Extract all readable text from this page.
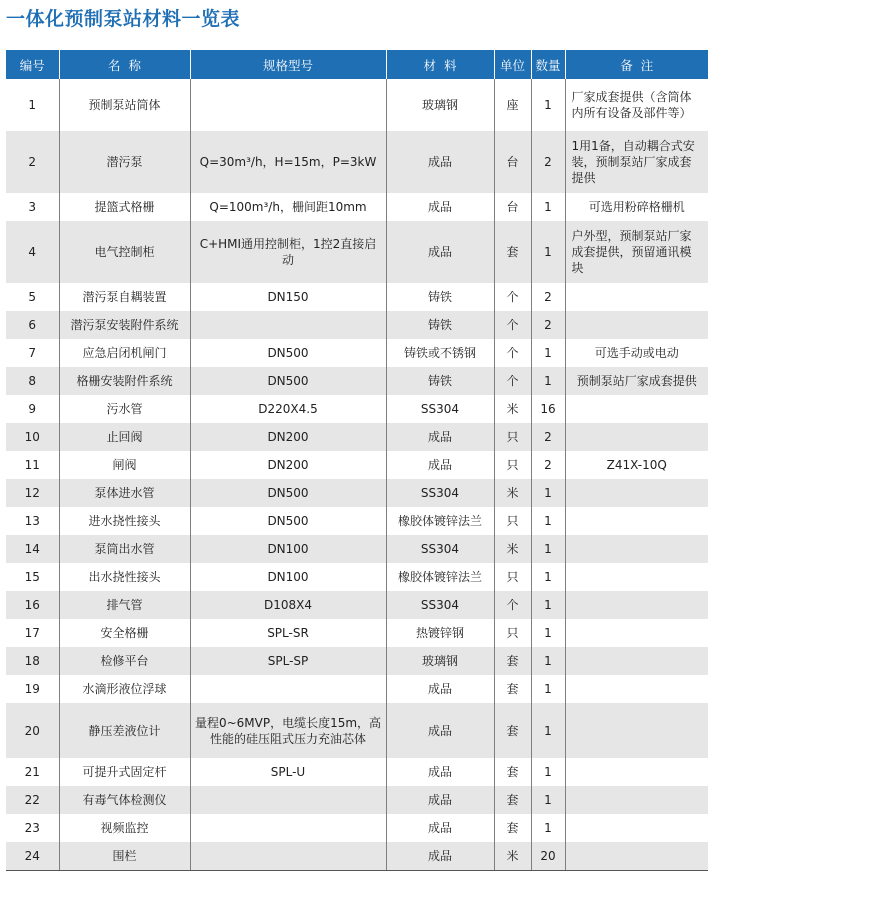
一体化预制泵站材料一览表
编号	名  称	规格型号	材  料	单位	数量	备  注
1	预制泵站筒体		玻璃钢	座	1	厂家成套提供（含筒体内所有设备及部件等）
2	潜污泵	Q=30m³/h，H=15m，P=3kW	成品	台	2	1用1备，自动耦合式安装，预制泵站厂家成套提供
3	提篮式格栅	Q=100m³/h，栅间距10mm	成品	台	1	可选用粉碎格栅机
4	电气控制柜	C+HMI通用控制柜，1控2直接启动	成品	套	1	户外型，预制泵站厂家成套提供，预留通讯模块
5	潜污泵自耦装置	DN150	铸铁	个	2	
6	潜污泵安装附件系统		铸铁	个	2	
7	应急启闭机闸门	DN500	铸铁或不锈钢	个	1	可选手动或电动
8	格栅安装附件系统	DN500	铸铁	个	1	预制泵站厂家成套提供
9	污水管	D220X4.5	SS304	米	16	
10	止回阀	DN200	成品	只	2	
11	闸阀	DN200	成品	只	2	Z41X-10Q
12	泵体进水管	DN500	SS304	米	1	
13	进水挠性接头	DN500	橡胶体镀锌法兰	只	1	
14	泵筒出水管	DN100	SS304	米	1	
15	出水挠性接头	DN100	橡胶体镀锌法兰	只	1	
16	排气管	D108X4	SS304	个	1	
17	安全格栅	SPL-SR	热镀锌钢	只	1	
18	检修平台	SPL-SP	玻璃钢	套	1	
19	水滴形液位浮球		成品	套	1	
20	静压差液位计	量程0~6MVP，电缆长度15m，高性能的硅压阻式压力充油芯体	成品	套	1	
21	可提升式固定杆	SPL-U	成品	套	1	
22	有毒气体检测仪		成品	套	1	
23	视频监控		成品	套	1	
24	围栏		成品	米	20	
